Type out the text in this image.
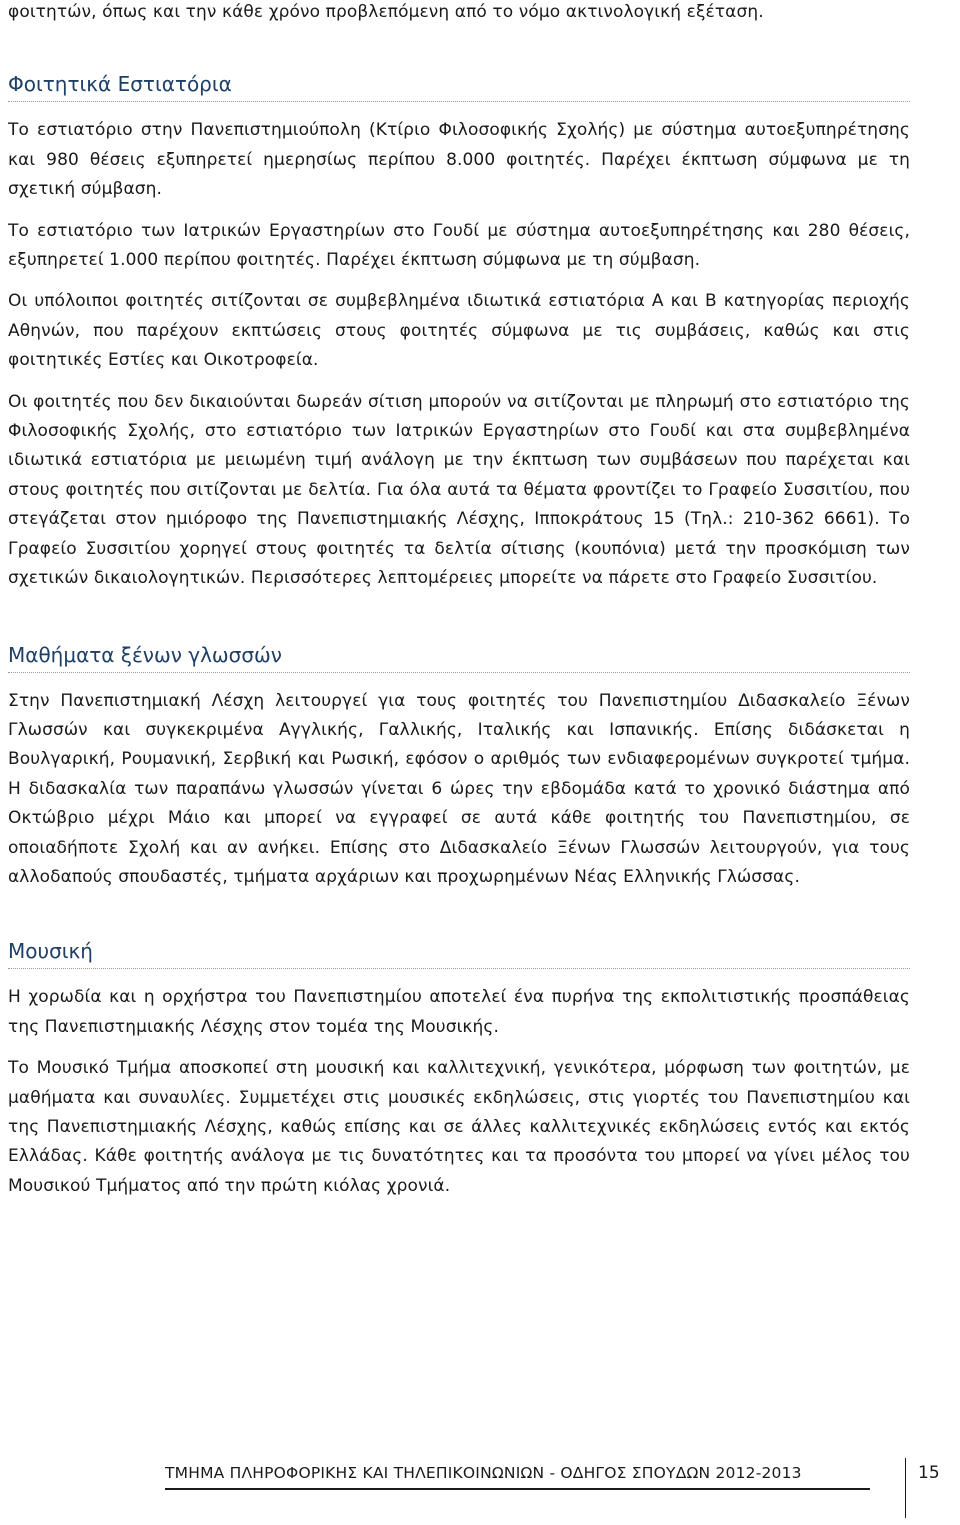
φοιτητών, όπως και την κάθε χρόνο προβλεπόμενη από το νόμο ακτινολογική εξέταση.

Φοιτητικά Εστιατόρια

Το εστιατόριο στην Πανεπιστημιούπολη (Κτίριο Φιλοσοφικής Σχολής) με σύστημα αυτοεξυπηρέτησης και 980 θέσεις εξυπηρετεί ημερησίως περίπου 8.000 φοιτητές. Παρέχει έκπτωση σύμφωνα με τη σχετική σύμβαση.

Το εστιατόριο των Ιατρικών Εργαστηρίων στο Γουδί με σύστημα αυτοεξυπηρέτησης και 280 θέσεις, εξυπηρετεί 1.000 περίπου φοιτητές. Παρέχει έκπτωση σύμφωνα με τη σύμβαση.

Οι υπόλοιποι φοιτητές σιτίζονται σε συμβεβλημένα ιδιωτικά εστιατόρια Α και Β κατηγορίας περιοχής Αθηνών, που παρέχουν εκπτώσεις στους φοιτητές σύμφωνα με τις συμβάσεις, καθώς και στις φοιτητικές Εστίες και Οικοτροφεία.

Οι φοιτητές που δεν δικαιούνται δωρεάν σίτιση μπορούν να σιτίζονται με πληρωμή στο εστιατόριο της Φιλοσοφικής Σχολής, στο εστιατόριο των Ιατρικών Εργαστηρίων στο Γουδί και στα συμβεβλημένα ιδιωτικά εστιατόρια με μειωμένη τιμή ανάλογη με την έκπτωση των συμβάσεων που παρέχεται και στους φοιτητές που σιτίζονται με δελτία. Για όλα αυτά τα θέματα φροντίζει το Γραφείο Συσσιτίου, που στεγάζεται στον ημιόροφο της Πανεπιστημιακής Λέσχης, Ιπποκράτους 15 (Τηλ.: 210-362 6661). Το Γραφείο Συσσιτίου χορηγεί στους φοιτητές τα δελτία σίτισης (κουπόνια) μετά την προσκόμιση των σχετικών δικαιολογητικών. Περισσότερες λεπτομέρειες μπορείτε να πάρετε στο Γραφείο Συσσιτίου.

Μαθήματα ξένων γλωσσών

Στην Πανεπιστημιακή Λέσχη λειτουργεί για τους φοιτητές του Πανεπιστημίου Διδασκαλείο Ξένων Γλωσσών και συγκεκριμένα Αγγλικής, Γαλλικής, Ιταλικής και Ισπανικής. Επίσης διδάσκεται η Βουλγαρική, Ρουμανική, Σερβική και Ρωσική, εφόσον ο αριθμός των ενδιαφερομένων συγκροτεί τμήμα. Η διδασκαλία των παραπάνω γλωσσών γίνεται 6 ώρες την εβδομάδα κατά το χρονικό διάστημα από Οκτώβριο μέχρι Μάιο και μπορεί να εγγραφεί σε αυτά κάθε φοιτητής του Πανεπιστημίου, σε οποιαδήποτε Σχολή και αν ανήκει. Επίσης στο Διδασκαλείο Ξένων Γλωσσών λειτουργούν, για τους αλλοδαπούς σπουδαστές, τμήματα αρχάριων και προχωρημένων Νέας Ελληνικής Γλώσσας.

Μουσική

Η χορωδία και η ορχήστρα του Πανεπιστημίου αποτελεί ένα πυρήνα της εκπολιτιστικής προσπάθειας της Πανεπιστημιακής Λέσχης στον τομέα της Μουσικής.

Το Μουσικό Τμήμα αποσκοπεί στη μουσική και καλλιτεχνική, γενικότερα, μόρφωση των φοιτητών, με μαθήματα και συναυλίες. Συμμετέχει στις μουσικές εκδηλώσεις, στις γιορτές του Πανεπιστημίου και της Πανεπιστημιακής Λέσχης, καθώς επίσης και σε άλλες καλλιτεχνικές εκδηλώσεις εντός και εκτός Ελλάδας. Κάθε φοιτητής ανάλογα με τις δυνατότητες και τα προσόντα του μπορεί να γίνει μέλος του Μουσικού Τμήματος από την πρώτη κιόλας χρονιά.

ΤΜΗΜΑ ΠΛΗΡΟΦΟΡΙΚΗΣ ΚΑΙ ΤΗΛΕΠΙΚΟΙΝΩΝΙΩΝ - ΟΔΗΓΟΣ ΣΠΟΥΔΩΝ 2012-2013	15
